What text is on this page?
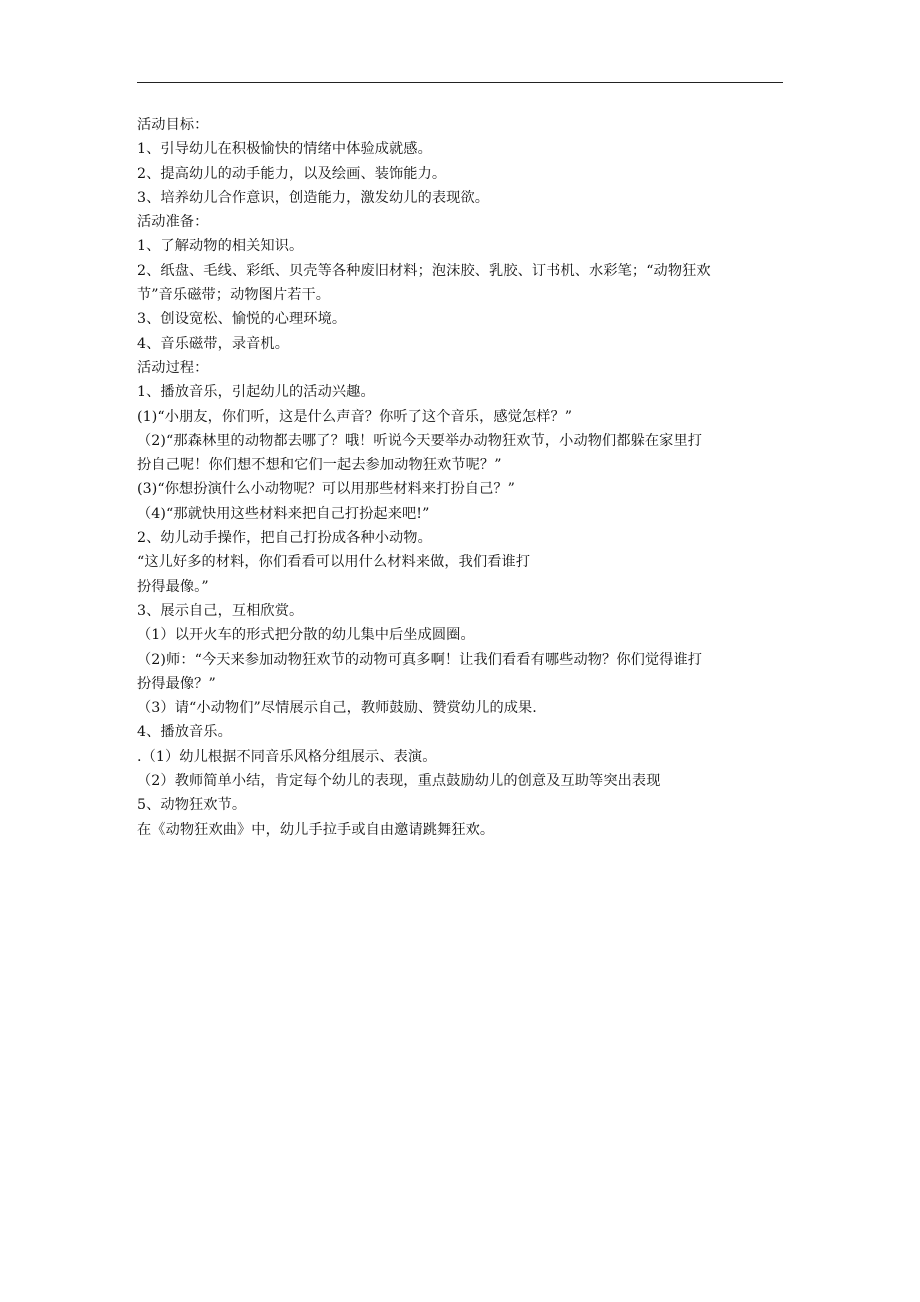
活动目标：
1、引导幼儿在积极愉快的情绪中体验成就感。
2、提高幼儿的动手能力，以及绘画、装饰能力。
3、培养幼儿合作意识，创造能力，激发幼儿的表现欲。
活动准备：
1、了解动物的相关知识。
2、纸盘、毛线、彩纸、贝壳等各种废旧材料；泡沫胶、乳胶、订书机、水彩笔；“动物狂欢
节”音乐磁带；动物图片若干。
3、创设宽松、愉悦的心理环境。
4、音乐磁带，录音机。
活动过程：
1、播放音乐，引起幼儿的活动兴趣。
(1)“小朋友，你们听，这是什么声音？你听了这个音乐，感觉怎样？”
（2)“那森林里的动物都去哪了？哦！听说今天要举办动物狂欢节，小动物们都躲在家里打
扮自己呢！你们想不想和它们一起去参加动物狂欢节呢？”
(3)“你想扮演什么小动物呢？可以用那些材料来打扮自己？”
（4)“那就快用这些材料来把自己打扮起来吧!”
2、幼儿动手操作，把自己打扮成各种小动物。
“这儿好多的材料，你们看看可以用什么材料来做，我们看谁打
扮得最像。”
3、展示自己，互相欣赏。
（1）以开火车的形式把分散的幼儿集中后坐成圆圈。
（2)师：“今天来参加动物狂欢节的动物可真多啊！让我们看看有哪些动物？你们觉得谁打
扮得最像？”
（3）请“小动物们”尽情展示自己，教师鼓励、赞赏幼儿的成果.
4、播放音乐。
.（1）幼儿根据不同音乐风格分组展示、表演。
（2）教师简单小结，肯定每个幼儿的表现，重点鼓励幼儿的创意及互助等突出表现
5、动物狂欢节。
在《动物狂欢曲》中，幼儿手拉手或自由邀请跳舞狂欢。
